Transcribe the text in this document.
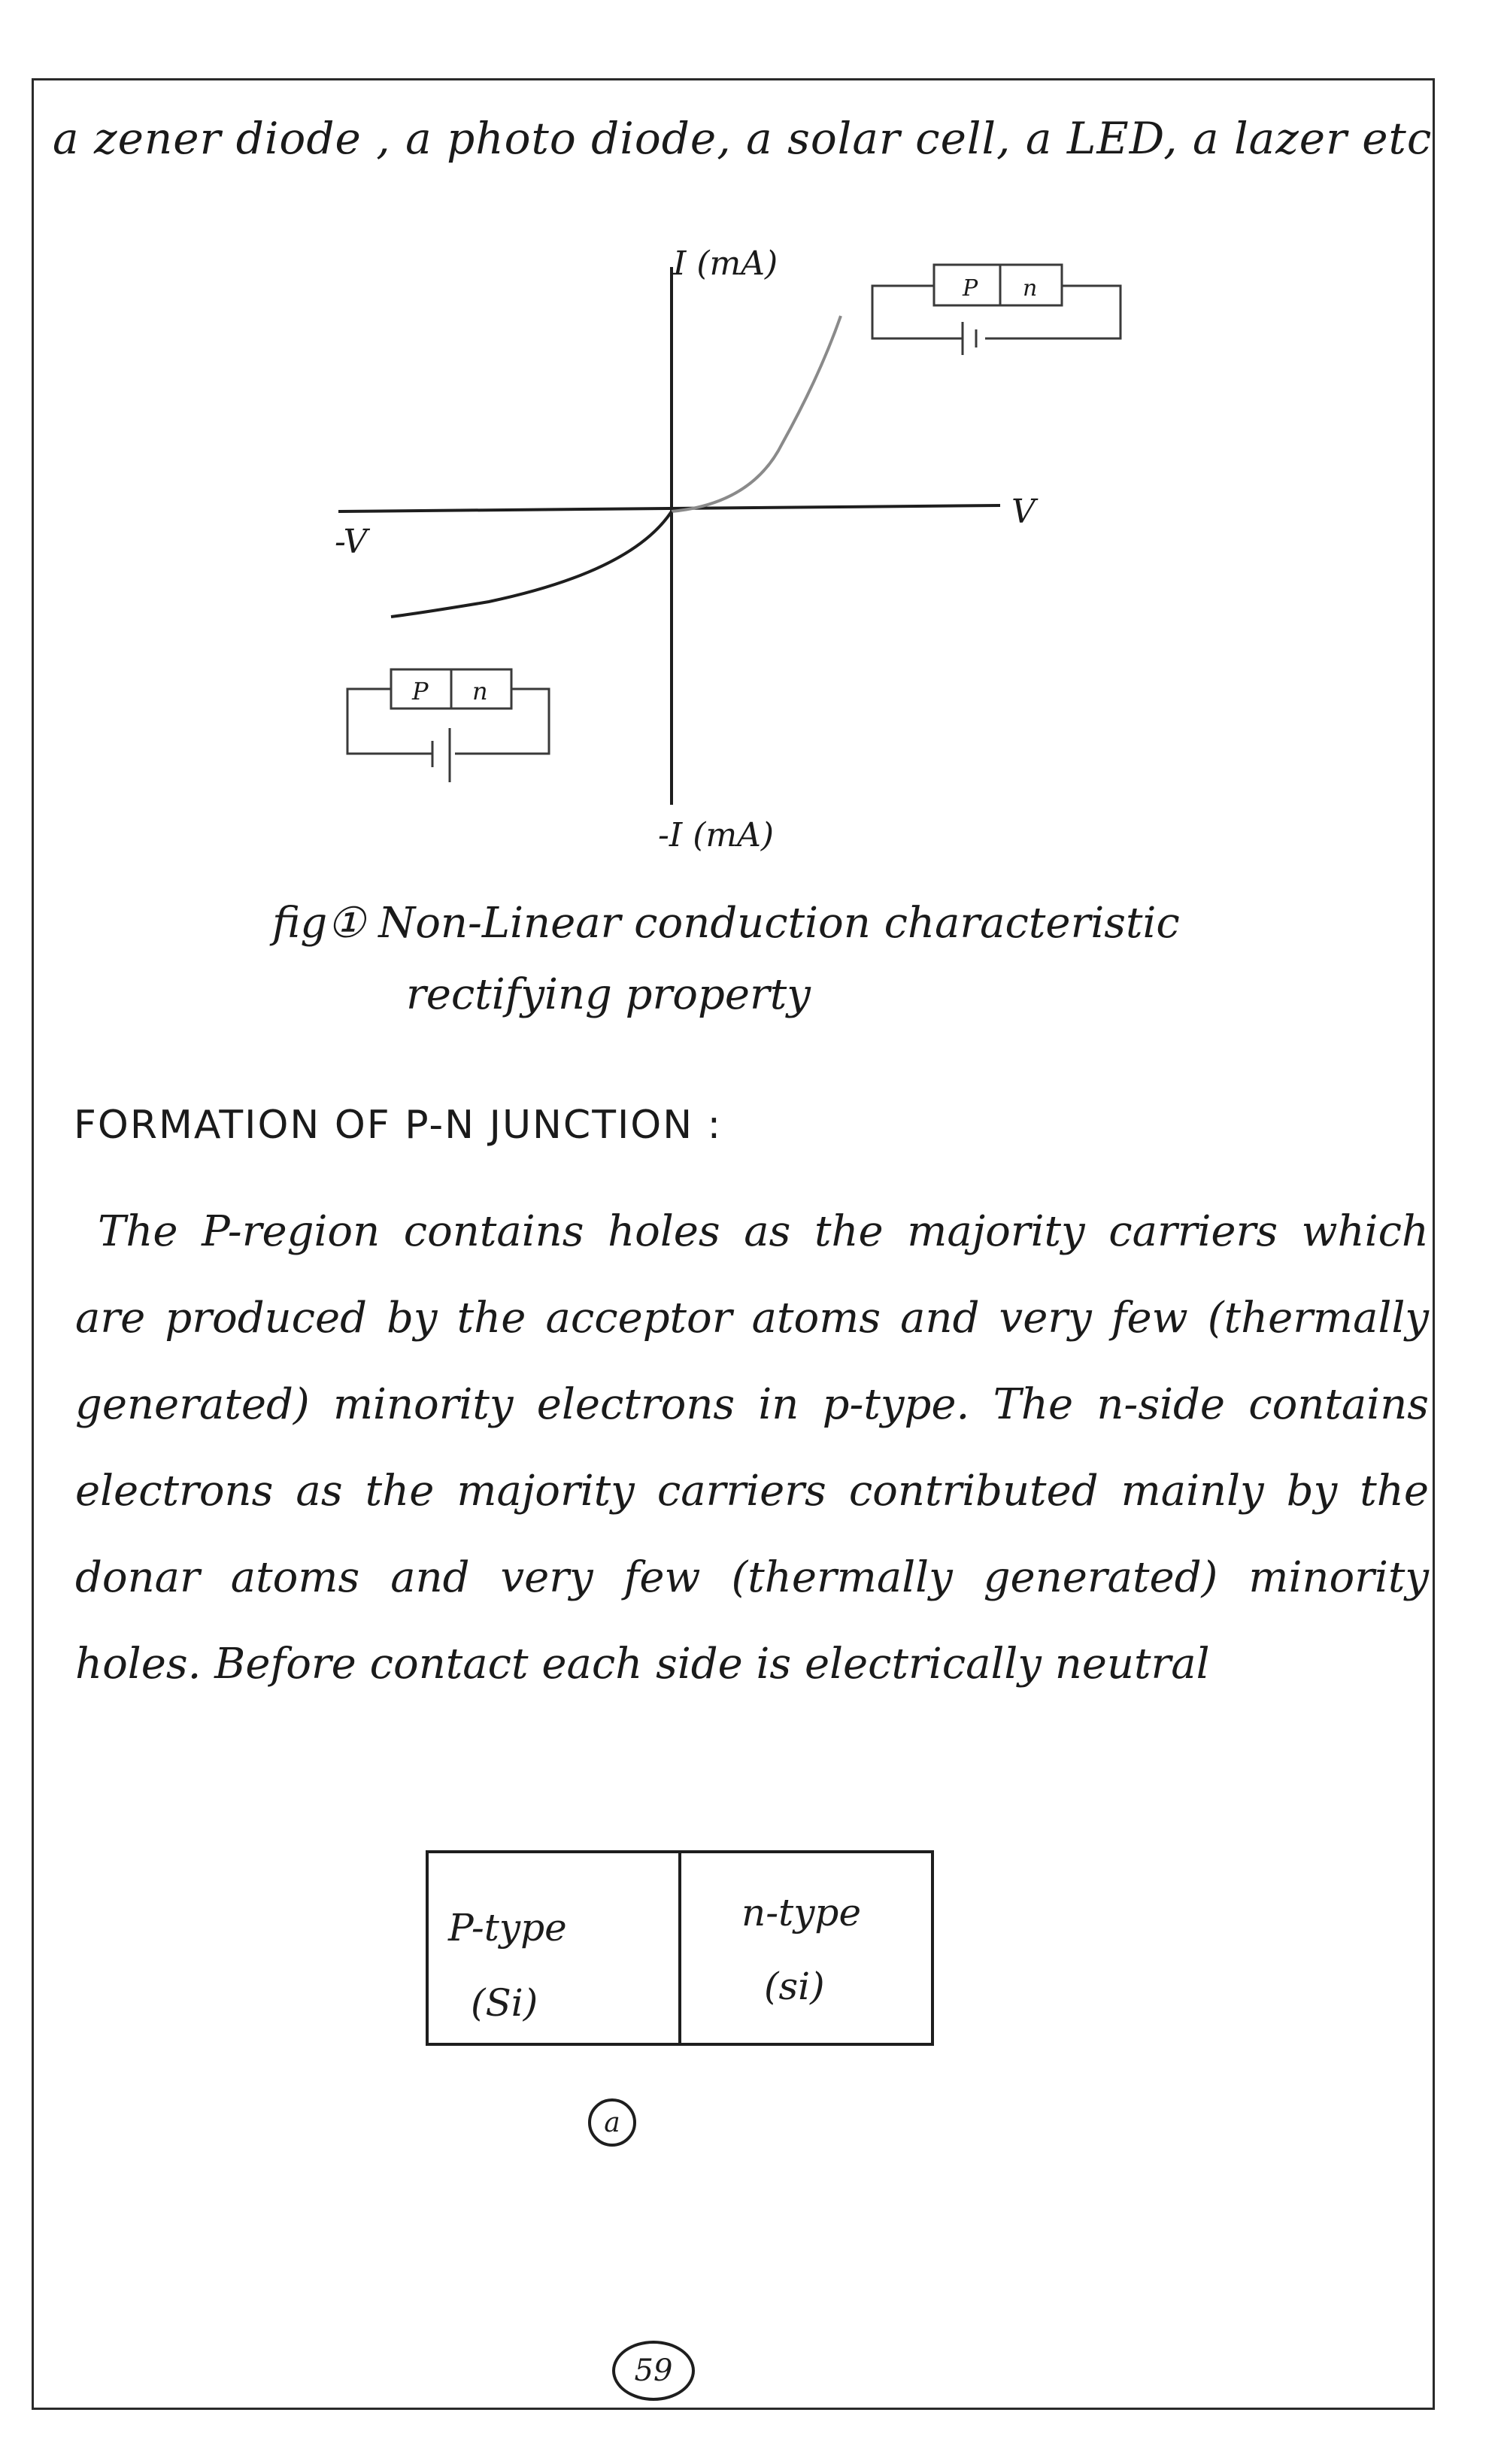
a zener diode , a photo diode, a solar cell, a LED, a lazer etc
I (mA)
-I (mA)
V
-V
P n
P n
fig① Non-Linear conduction characteristic
rectifying property
FORMATION OF P-N JUNCTION :
The P-region contains holes as the majority carriers which are produced by the acceptor atoms and very few (thermally generated) minority electrons in p-type. The n-side contains electrons as the majority carriers contributed mainly by the donar atoms and very few (thermally generated) minority holes. Before contact each side is electrically neutral
P-type
(Si)
n-type
(si)
a
59
